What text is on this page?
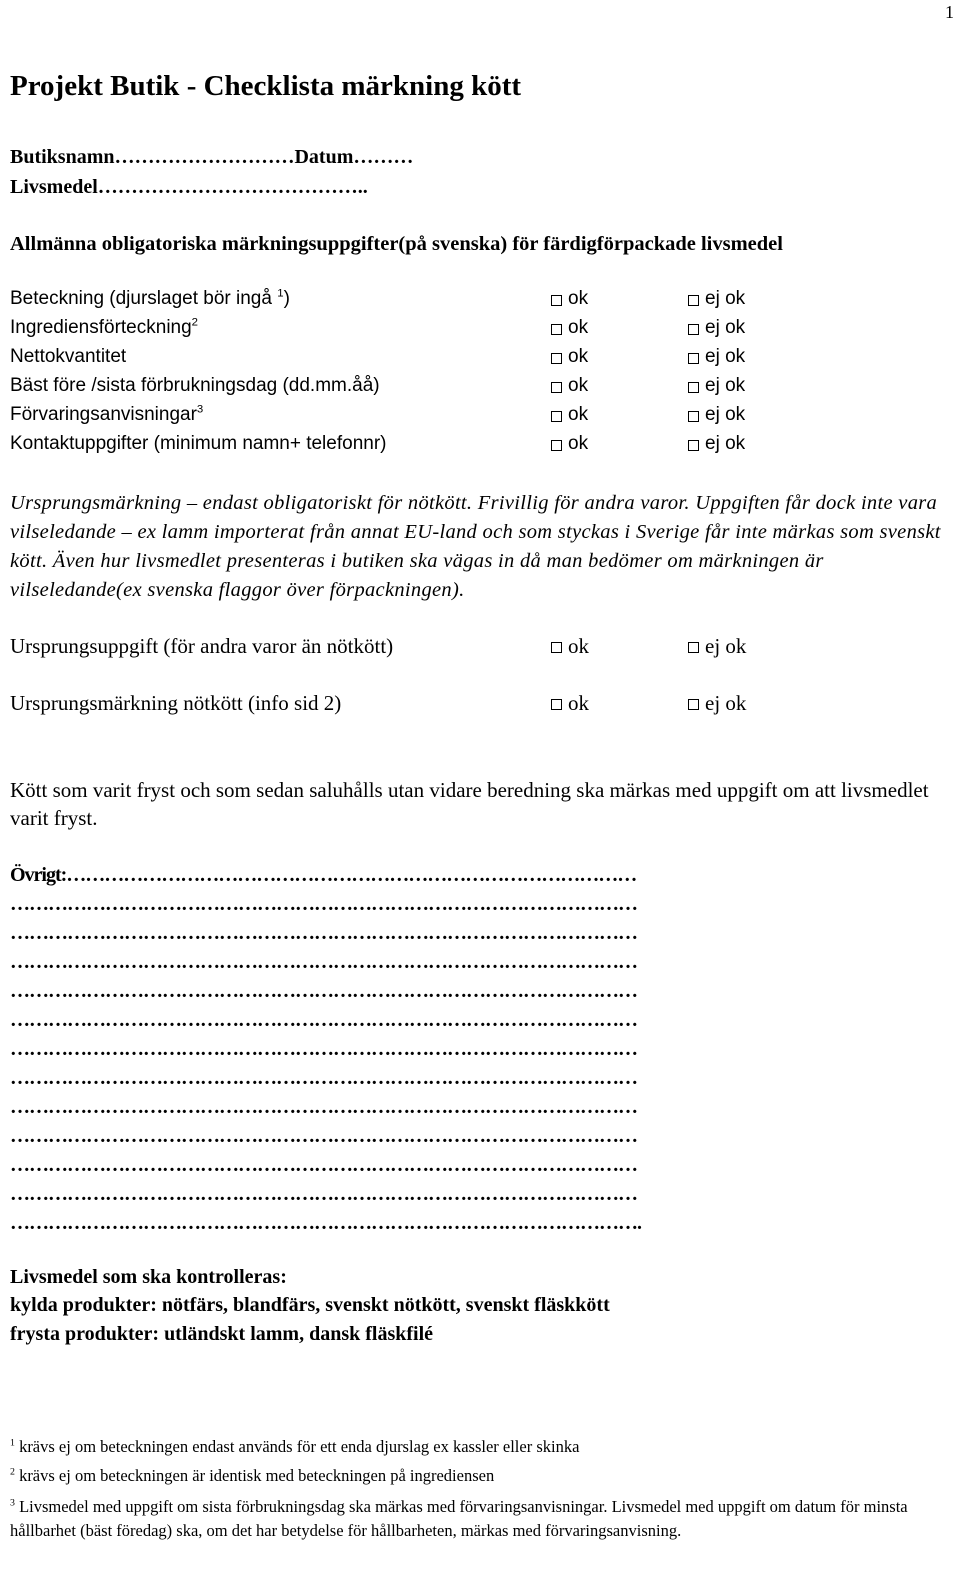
1
Projekt Butik - Checklista märkning kött
Butiksnamn………………………Datum………
Livsmedel…………………………………..
Allmänna obligatoriska märkningsuppgifter(på svenska) för färdigförpackade livsmedel
Beteckning (djurslaget bör ingå $^1$)	ok	ej ok
Ingrediensförteckning$^2$	ok	ej ok
Nettokvantitet	ok	ej ok
Bäst före /sista förbrukningsdag (dd.mm.åå)	ok	ej ok
Förvaringsanvisningar$^3$	ok	ej ok
Kontaktuppgifter (minimum namn+ telefonnr)	ok	ej ok
Ursprungsmärkning – endast obligatoriskt för nötkött. Frivillig för andra varor. Uppgiften får dock inte vara vilseledande – ex lamm importerat från annat EU-land och som styckas i Sverige får inte märkas som svenskt kött. Även hur livsmedlet presenteras i butiken ska vägas in då man bedömer om märkningen är vilseledande(ex svenska flaggor över förpackningen).
Ursprungsuppgift (för andra varor än nötkött)	ok	ej ok
Ursprungsmärkning nötkött (info sid 2)	ok	ej ok
Kött som varit fryst och som sedan saluhålls utan vidare beredning ska märkas med uppgift om att livsmedlet varit fryst.
Övrigt:………………………………………………………………………………
………………………………………………………………………………………
………………………………………………………………………………………
………………………………………………………………………………………
………………………………………………………………………………………
………………………………………………………………………………………
………………………………………………………………………………………
………………………………………………………………………………………
………………………………………………………………………………………
………………………………………………………………………………………
………………………………………………………………………………………
………………………………………………………………………………………
……………………………………………………………………………………….
Livsmedel som ska kontrolleras:
kylda produkter: nötfärs, blandfärs, svenskt nötkött, svenskt fläskkött
frysta produkter: utländskt lamm, dansk fläskfilé
$^1$ krävs ej om beteckningen endast används för ett enda djurslag ex kassler eller skinka
$^2$ krävs ej om beteckningen är identisk med beteckningen på ingrediensen
$^3$ Livsmedel med uppgift om sista förbrukningsdag ska märkas med förvaringsanvisningar. Livsmedel med uppgift om datum för minsta hållbarhet (bäst föredag) ska, om det har betydelse för hållbarheten, märkas med förvaringsanvisning.
